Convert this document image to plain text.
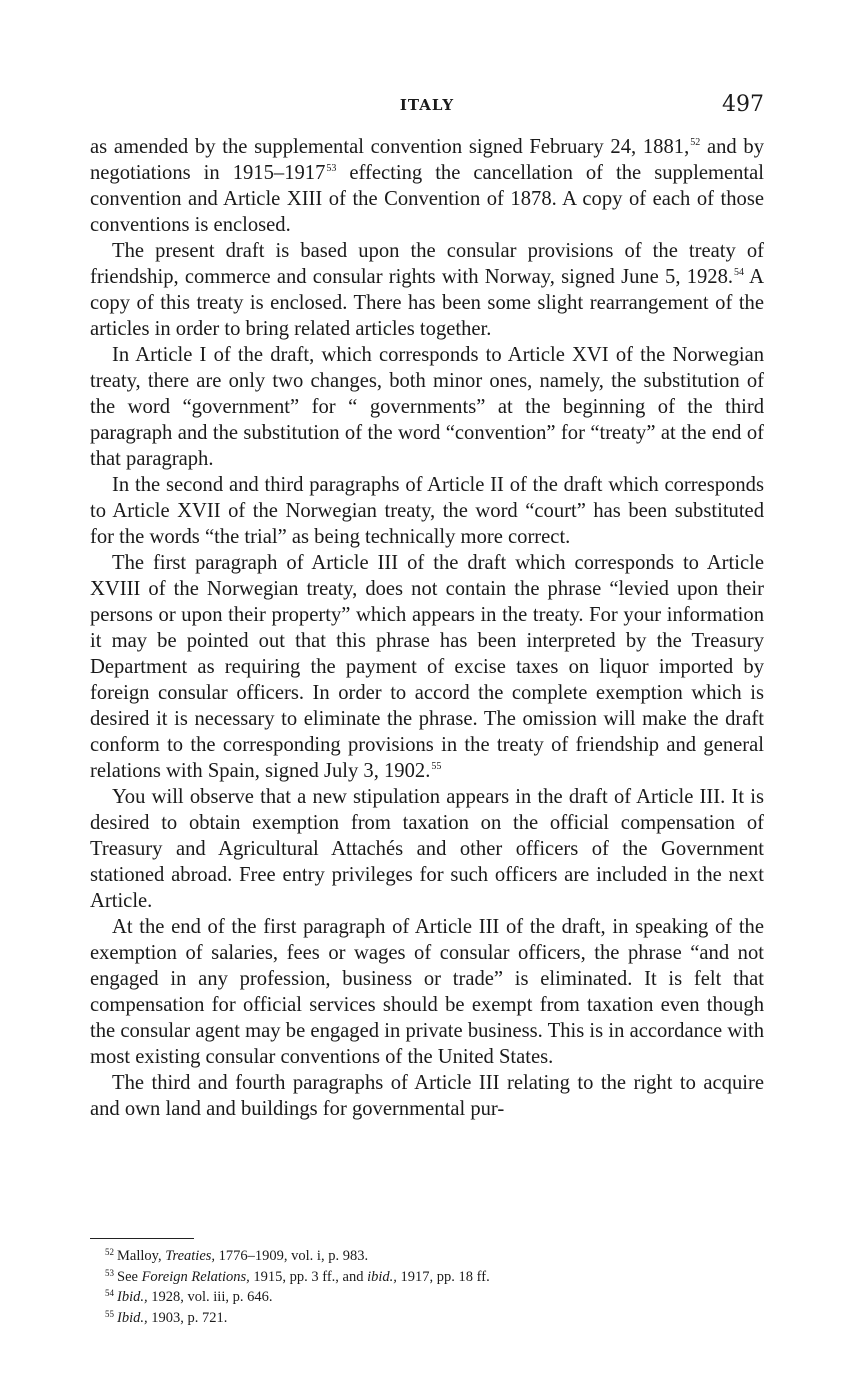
ITALY	497

as amended by the supplemental convention signed February 24, 1881,52 and by negotiations in 1915–1917$^{53}$ effecting the cancellation of the supplemental convention and Article XIII of the Convention of 1878. A copy of each of those conventions is enclosed.

The present draft is based upon the consular provisions of the treaty of friendship, commerce and consular rights with Norway, signed June 5, 1928.54 A copy of this treaty is enclosed. There has been some slight rearrangement of the articles in order to bring related articles together.

In Article I of the draft, which corresponds to Article XVI of the Norwegian treaty, there are only two changes, both minor ones, namely, the substitution of the word “government” for “ governments” at the beginning of the third paragraph and the substitution of the word “convention” for “treaty” at the end of that paragraph.

In the second and third paragraphs of Article II of the draft which corresponds to Article XVII of the Norwegian treaty, the word “court” has been substituted for the words “the trial” as being technically more correct.

The first paragraph of Article III of the draft which corresponds to Article XVIII of the Norwegian treaty, does not contain the phrase “levied upon their persons or upon their property” which appears in the treaty. For your information it may be pointed out that this phrase has been interpreted by the Treasury Department as requiring the payment of excise taxes on liquor imported by foreign consular officers. In order to accord the complete exemption which is desired it is necessary to eliminate the phrase. The omission will make the draft conform to the corresponding provisions in the treaty of friendship and general relations with Spain, signed July 3, 1902.55

You will observe that a new stipulation appears in the draft of Article III. It is desired to obtain exemption from taxation on the official compensation of Treasury and Agricultural Attachés and other officers of the Government stationed abroad. Free entry privileges for such officers are included in the next Article.

At the end of the first paragraph of Article III of the draft, in speaking of the exemption of salaries, fees or wages of consular officers, the phrase “and not engaged in any profession, business or trade” is eliminated. It is felt that compensation for official services should be exempt from taxation even though the consular agent may be engaged in private business. This is in accordance with most existing consular conventions of the United States.

The third and fourth paragraphs of Article III relating to the right to acquire and own land and buildings for governmental pur-

$^{52}$ Malloy, Treaties, 1776–1909, vol. i, p. 983.

$^{53}$ See Foreign Relations, 1915, pp. 3 ff., and ibid., 1917, pp. 18 ff.

$^{54}$ Ibid., 1928, vol. iii, p. 646.

$^{55}$ Ibid., 1903, p. 721.
